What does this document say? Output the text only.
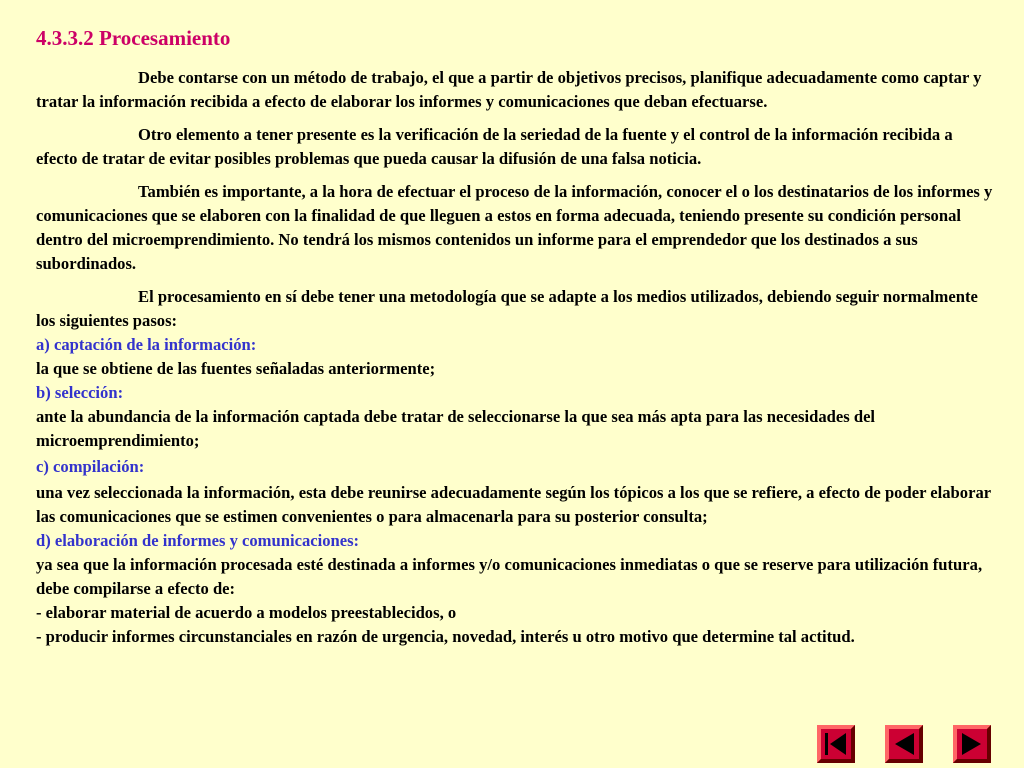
4.3.3.2 Procesamiento

Debe contarse con un método de trabajo, el que a partir de objetivos precisos, planifique adecuadamente como captar y tratar la información recibida a efecto de elaborar los informes y comunicaciones que deban efectuarse.

Otro elemento a tener presente es la verificación de la seriedad de la fuente y el control de la información recibida a efecto de tratar de evitar posibles problemas que pueda causar la difusión de una falsa noticia.

También es importante, a la hora de efectuar el proceso de la información, conocer el o los destinatarios de los informes y comunicaciones que se elaboren con la finalidad de que lleguen a estos en forma adecuada, teniendo presente su condición personal dentro del microemprendimiento. No tendrá los mismos contenidos un informe para el emprendedor que los destinados a sus subordinados.

El procesamiento en sí debe tener una metodología que se adapte a los medios utilizados, debiendo seguir normalmente los siguientes pasos:

a) captación de la información:

la que se obtiene de las fuentes señaladas anteriormente;

b) selección:

ante la abundancia de la información captada debe tratar de seleccionarse la que sea más apta para las necesidades del microemprendimiento;

c) compilación:

una vez seleccionada la información, esta debe reunirse adecuadamente según los tópicos a los que se refiere, a efecto de poder elaborar las comunicaciones que se estimen convenientes o para almacenarla para su posterior consulta;

d) elaboración de informes y comunicaciones:

ya sea que la información procesada esté destinada a informes y/o comunicaciones inmediatas o que se reserve para utilización futura, debe compilarse a efecto de:

- elaborar material de acuerdo a modelos preestablecidos, o

- producir informes circunstanciales en razón de urgencia, novedad, interés u otro motivo que determine tal actitud.
